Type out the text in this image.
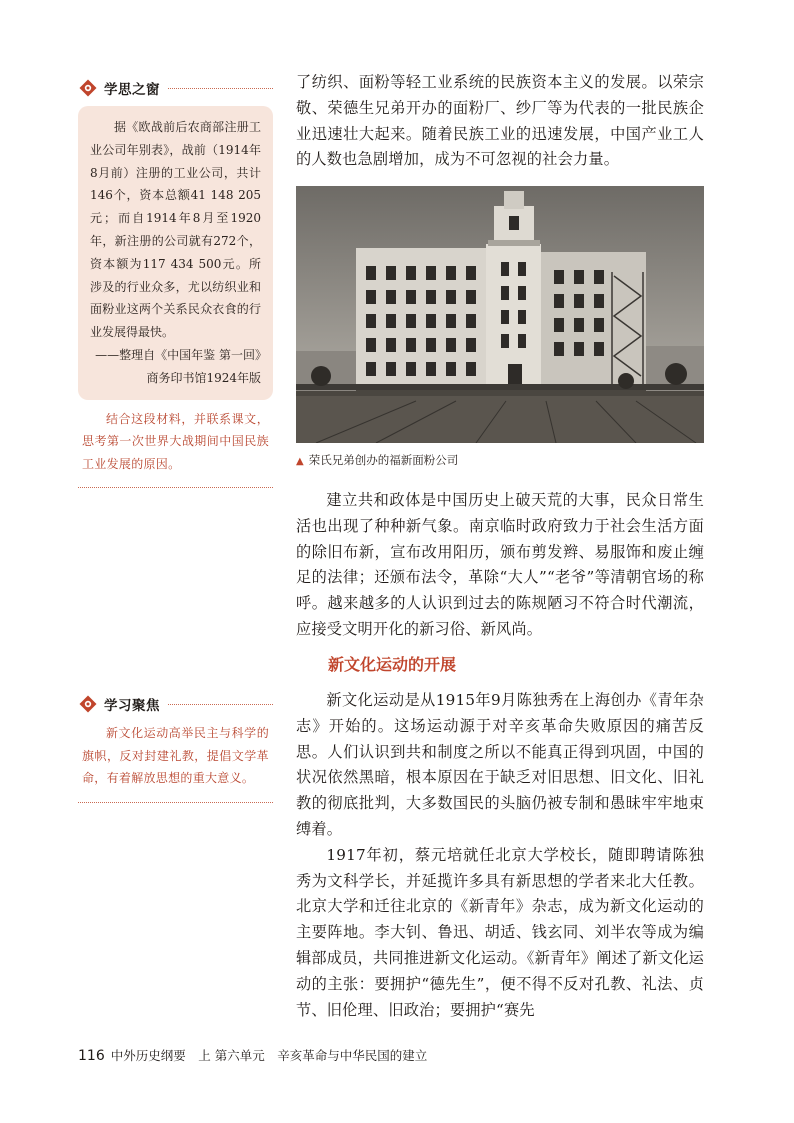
学思之窗

据《欧战前后农商部注册工业公司年别表》，战前（1914年8月前）注册的工业公司，共计146个，资本总额41 148 205元；而自1914年8月至1920年，新注册的公司就有272个，资本额为117 434 500元。所涉及的行业众多，尤以纺织业和面粉业这两个关系民众衣食的行业发展得最快。

——整理自《中国年鉴 第一回》商务印书馆1924年版

结合这段材料，并联系课文，思考第一次世界大战期间中国民族工业发展的原因。
学习聚焦
新文化运动高举民主与科学的旗帜，反对封建礼教，提倡文学革命，有着解放思想的重大意义。

了纺织、面粉等轻工业系统的民族资本主义的发展。以荣宗敬、荣德生兄弟开办的面粉厂、纱厂等为代表的一批民族企业迅速壮大起来。随着民族工业的迅速发展，中国产业工人的人数也急剧增加，成为不可忽视的社会力量。

▲ 荣氏兄弟创办的福新面粉公司

建立共和政体是中国历史上破天荒的大事，民众日常生活也出现了种种新气象。南京临时政府致力于社会生活方面的除旧布新，宣布改用阳历，颁布剪发辫、易服饰和废止缠足的法律；还颁布法令，革除“大人”“老爷”等清朝官场的称呼。越来越多的人认识到过去的陈规陋习不符合时代潮流，应接受文明开化的新习俗、新风尚。

新文化运动的开展

新文化运动是从1915年9月陈独秀在上海创办《青年杂志》开始的。这场运动源于对辛亥革命失败原因的痛苦反思。人们认识到共和制度之所以不能真正得到巩固，中国的状况依然黑暗，根本原因在于缺乏对旧思想、旧文化、旧礼教的彻底批判，大多数国民的头脑仍被专制和愚昧牢牢地束缚着。

1917年初，蔡元培就任北京大学校长，随即聘请陈独秀为文科学长，并延揽许多具有新思想的学者来北大任教。北京大学和迁往北京的《新青年》杂志，成为新文化运动的主要阵地。李大钊、鲁迅、胡适、钱玄同、刘半农等成为编辑部成员，共同推进新文化运动。《新青年》阐述了新文化运动的主张：要拥护“德先生”，便不得不反对孔教、礼法、贞节、旧伦理、旧政治；要拥护“赛先

116 中外历史纲要　上 第六单元　辛亥革命与中华民国的建立
